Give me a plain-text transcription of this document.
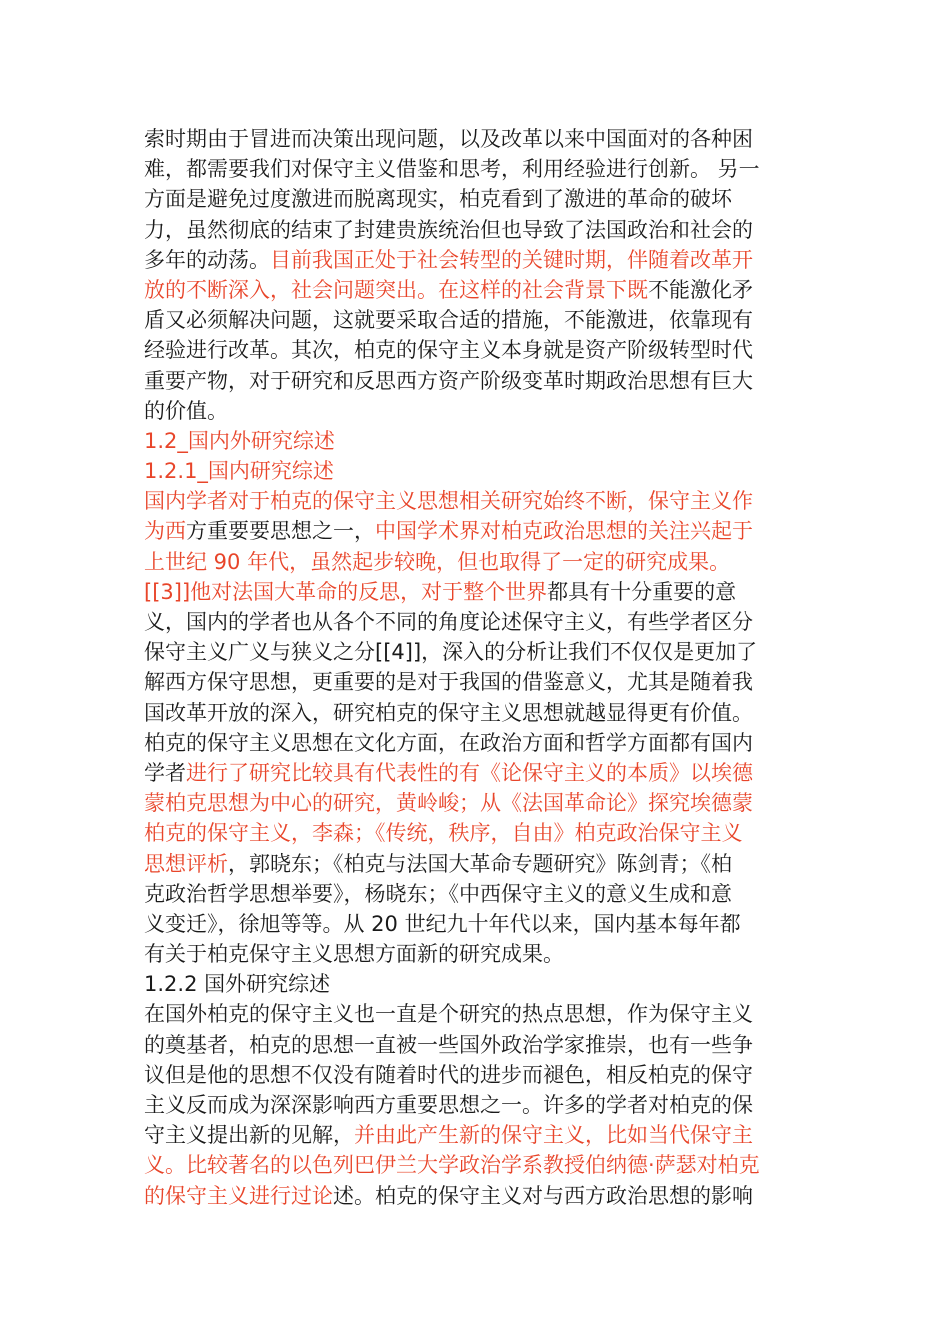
索时期由于冒进而决策出现问题，以及改革以来中国面对的各种困
难，都需要我们对保守主义借鉴和思考，利用经验进行创新。 另一
方面是避免过度激进而脱离现实，柏克看到了激进的革命的破坏
力，虽然彻底的结束了封建贵族统治但也导致了法国政治和社会的
多年的动荡。目前我国正处于社会转型的关键时期，伴随着改革开
放的不断深入，社会问题突出。在这样的社会背景下既不能激化矛
盾又必须解决问题，这就要采取合适的措施，不能激进，依靠现有
经验进行改革。其次，柏克的保守主义本身就是资产阶级转型时代
重要产物，对于研究和反思西方资产阶级变革时期政治思想有巨大
的价值。
1.2_国内外研究综述
1.2.1_国内研究综述
国内学者对于柏克的保守主义思想相关研究始终不断，保守主义作
为西方重要要思想之一，中国学术界对柏克政治思想的关注兴起于
上世纪 90 年代，虽然起步较晚，但也取得了一定的研究成果。
[[3]]他对法国大革命的反思，对于整个世界都具有十分重要的意
义，国内的学者也从各个不同的角度论述保守主义，有些学者区分
保守主义广义与狭义之分[[4]]，深入的分析让我们不仅仅是更加了
解西方保守思想，更重要的是对于我国的借鉴意义，尤其是随着我
国改革开放的深入，研究柏克的保守主义思想就越显得更有价值。
柏克的保守主义思想在文化方面，在政治方面和哲学方面都有国内
学者进行了研究比较具有代表性的有《论保守主义的本质》以埃德
蒙柏克思想为中心的研究，黄岭峻；从《法国革命论》探究埃德蒙
柏克的保守主义，李森；《传统，秩序，自由》柏克政治保守主义
思想评析，郭晓东；《柏克与法国大革命专题研究》陈剑青；《柏
克政治哲学思想举要》，杨晓东；《中西保守主义的意义生成和意
义变迁》，徐旭等等。从 20 世纪九十年代以来，国内基本每年都
有关于柏克保守主义思想方面新的研究成果。
1.2.2 国外研究综述
在国外柏克的保守主义也一直是个研究的热点思想，作为保守主义
的奠基者，柏克的思想一直被一些国外政治学家推崇，也有一些争
议但是他的思想不仅没有随着时代的进步而褪色，相反柏克的保守
主义反而成为深深影响西方重要思想之一。许多的学者对柏克的保
守主义提出新的见解，并由此产生新的保守主义，比如当代保守主
义。比较著名的以色列巴伊兰大学政治学系教授伯纳德·萨瑟对柏克
的保守主义进行过论述。柏克的保守主义对与西方政治思想的影响
